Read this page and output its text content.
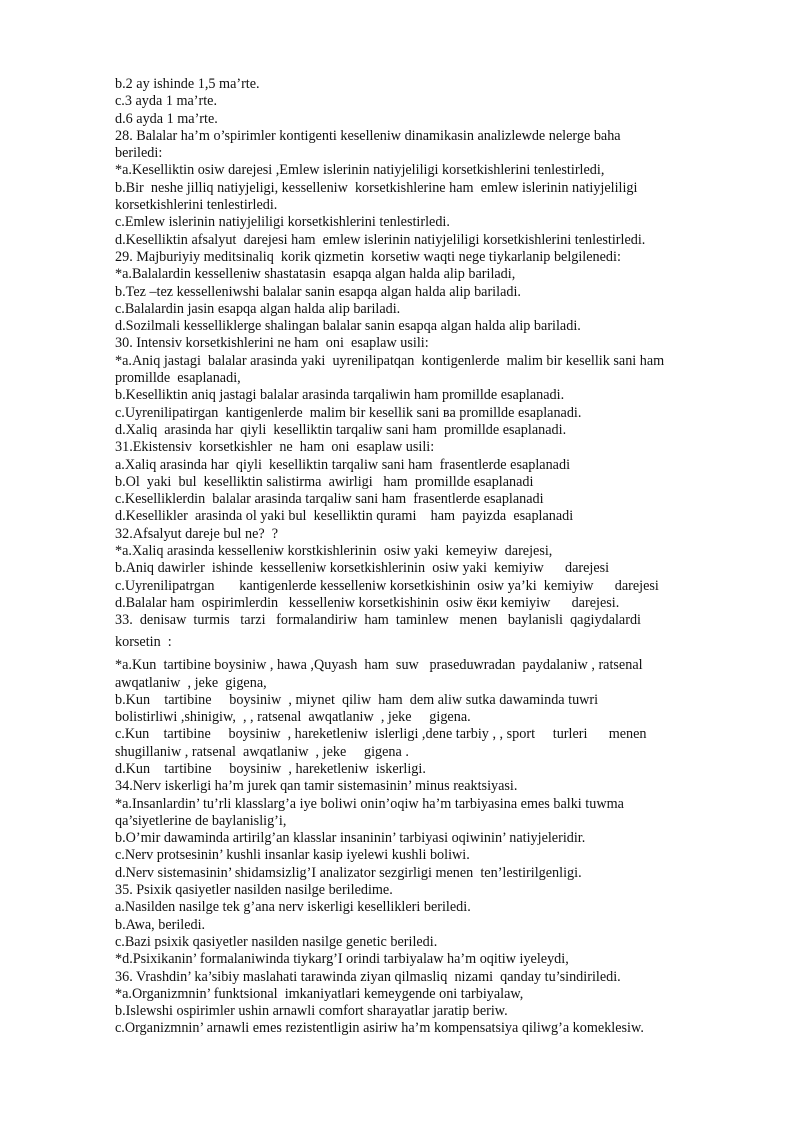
b.2 ay ishinde 1,5 ma’rte.
c.3 ayda 1 ma’rte.
d.6 ayda 1 ma’rte.
28. Balalar ha’m o’spirimler kontigenti keselleniw dinamikasin analizlewde nelerge baha
beriledi:
*a.Keselliktin osiw darejesi ,Emlew islerinin natiyjeliligi korsetkishlerini tenlestirledi,
b.Bir  neshe jilliq natiyjeligi, kesselleniw  korsetkishlerine ham  emlew islerinin natiyjeliligi
korsetkishlerini tenlestirledi.
c.Emlew islerinin natiyjeliligi korsetkishlerini tenlestirledi.
d.Keselliktin afsalyut  darejesi ham  emlew islerinin natiyjeliligi korsetkishlerini tenlestirledi.
29. Majburiyiy meditsinaliq  korik qizmetin  korsetiw waqti nege tiykarlanip belgilenedi:
*a.Balalardin kesselleniw shastatasin  esapqa algan halda alip bariladi,
b.Tez –tez kesselleniwshi balalar sanin esapqa algan halda alip bariladi.
c.Balalardin jasin esapqa algan halda alip bariladi.
d.Sozilmali kesselliklerge shalingan balalar sanin esapqa algan halda alip bariladi.
30. Intensiv korsetkishlerini ne ham  oni  esaplaw usili:
*a.Aniq jastagi  balalar arasinda yaki  uyrenilipatqan  kontigenlerde  malim bir kesellik sani ham
promillde  esaplanadi,
b.Keselliktin aniq jastagi balalar arasinda tarqaliwin ham promillde esaplanadi.
c.Uyrenilipatirgan  kantigenlerde  malim bir kesellik sani ва promillde esaplanadi.
d.Xaliq  arasinda har  qiyli  keselliktin tarqaliw sani ham  promillde esaplanadi.
31.Ekistensiv  korsetkishler  ne  ham  oni  esaplaw usili:
a.Xaliq arasinda har  qiyli  keselliktin tarqaliw sani ham  frasentlerde esaplanadi
b.Ol  yaki  bul  keselliktin salistirma  awirligi   ham  promillde esaplanadi
c.Keselliklerdin  balalar arasinda tarqaliw sani ham  frasentlerde esaplanadi
d.Kesellikler  arasinda ol yaki bul  keselliktin qurami    ham  payizda  esaplanadi
32.Afsalyut dareje bul ne?  ?
*a.Xaliq arasinda kesselleniw korstkishlerinin  osiw yaki  kemeyiw  darejesi,
b.Aniq dawirler  ishinde  kesselleniw korsetkishlerinin  osiw yaki  kemiyiw      darejesi
c.Uyrenilipatrgan       kantigenlerde kesselleniw korsetkishinin  osiw ya’ki  kemiyiw      darejesi
d.Balalar ham  ospirimlerdin   kesselleniw korsetkishinin  osiw ёки kemiyiw      darejesi.
33.  denisaw  turmis   tarzi   formalandiriw  ham  taminlew   menen   baylanisli  qagiydalardi
korsetin  :
*a.Kun  tartibine boysiniw , hawa ,Quyash  ham  suw   praseduwradan  paydalaniw , ratsenal
awqatlaniw  , jeke  gigena,
b.Kun    tartibine     boysiniw  , miynet  qiliw  ham  dem aliw sutka dawaminda tuwri
bolistirliwi ,shinigiw,  , , ratsenal  awqatlaniw  , jeke     gigena.
c.Kun    tartibine     boysiniw  , hareketleniw  islerligi ,dene tarbiy , , sport     turleri      menen
shugillaniw , ratsenal  awqatlaniw  , jeke     gigena .
d.Kun    tartibine     boysiniw  , hareketleniw  iskerligi.
34.Nerv iskerligi ha’m jurek qan tamir sistemasinin’ minus reaktsiyasi.
*a.Insanlardin’ tu’rli klasslarg’a iye boliwi onin’oqiw ha’m tarbiyasina emes balki tuwma
qa’siyetlerine de baylanislig’i,
b.O’mir dawaminda artirilg’an klasslar insaninin’ tarbiyasi oqiwinin’ natiyjeleridir.
c.Nerv protsesinin’ kushli insanlar kasip iyelewi kushli boliwi.
d.Nerv sistemasinin’ shidamsizlig’I analizator sezgirligi menen  ten’lestirilgenligi.
35. Psixik qasiyetler nasilden nasilge beriledime.
a.Nasilden nasilge tek g’ana nerv iskerligi kesellikleri beriledi.
b.Awa, beriledi.
c.Bazi psixik qasiyetler nasilden nasilge genetic beriledi.
*d.Psixikanin’ formalaniwinda tiykarg’I orindi tarbiyalaw ha’m oqitiw iyeleydi,
36. Vrashdin’ ka’sibiy maslahati tarawinda ziyan qilmasliq  nizami  qanday tu’sindiriledi.
*a.Organizmnin’ funktsional  imkaniyatlari kemeygende oni tarbiyalaw,
b.Islewshi ospirimler ushin arnawli comfort sharayatlar jaratip beriw.
c.Organizmnin’ arnawli emes rezistentligin asiriw ha’m kompensatsiya qiliwg’a komeklesiw.
